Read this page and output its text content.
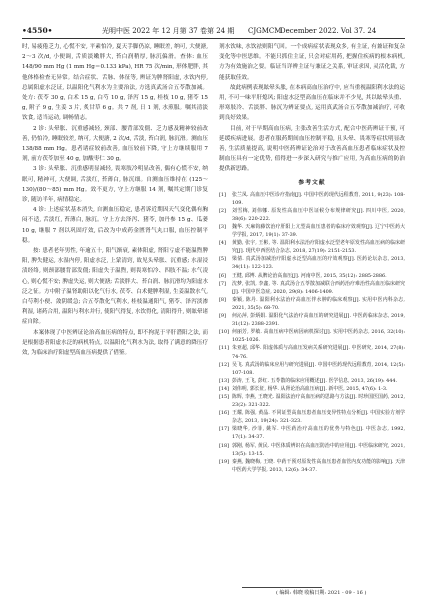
•4550•	光明中医 2022 年 12 月第 37 卷第 24 期 CJGMCM
December 2022. Vol 37. 24

时, 易疲倦乏力, 心慌不安, 平素怕冷, 夏天手脚仍凉, 睡眠差, 纳可, 大便溏, 2～3 次/d, 小便调, 舌质淡嫩胖大, 苔白润稍厚, 脉沉偏滑。查体: 血压 148/90 mm Hg (1 mm Hg＝0.133 kPa), HR 75 次/min, 形体肥胖, 其他体格检查无异常。结合症状、舌脉、体征等, 辨证为脾肾阳虚, 水饮内停, 总属阳虚水泛证, 以温阳化气利水为主要治法, 方选真武汤合五苓散加减。处方: 茯苓 30 g, 白术 15 g, 白芍 10 g, 泽泻 15 g, 桂枝 10 g, 猪苓 15 g, 附子 9 g, 生姜 3 片, 炙甘草 6 g。共 7 剂, 日 1 剂, 水煎服。嘱其清淡饮食, 适当运动, 调畅情志。

2 诊: 头晕胀、沉重感减轻, 颈部、腰背部发僵、乏力感及精神较前改善, 仍怕冷, 睡眠较差, 纳可, 大便溏, 2 次/d, 舌淡, 苔白润, 脉沉滑。测血压 138/88 mm Hg。患者诸症较前改善, 血压较前下降, 守上方继续服用 7 剂, 前方茯苓加至 40 g, 加酸枣仁 30 g。

3 诊: 头晕胀、沉重感明显减轻, 畏寒肢冷明显改善, 偶有心慌不安, 纳眠可, 精神可, 大便调, 舌淡红, 苔薄白, 脉沉细。自测血压维持在 (125～130)/(80～85) mm Hg。效不更方, 守上方继服 14 剂, 嘱其定期门诊复诊, 随访半年, 病情稳定。

4 诊: 上述症状基本消失, 自测血压稳定, 患者诉近期因天气变化偶有胸闷不适, 舌淡红, 苔薄白, 脉沉。守上方去泽泻、猪苓, 加丹参 15 g、瓜蒌 10 g, 继服 7 剂以巩固疗效, 后改为中成药金匮肾气丸口服, 血压控制平稳。

按: 患者老年男性, 年逾五十, 阳气渐衰, 素体阳虚, 肾阳亏虚不能温煦脾阳, 脾失健运, 水湿内停, 阳虚水泛, 上蒙清窍, 故见头晕胀、沉重感; 水湿浸渍经络, 则颈部腰背部发僵; 阳虚失于温煦, 则畏寒怕冷、四肢不温; 水气凌心, 则心慌不安; 脾虚失运, 则大便溏; 舌淡胖大、苔白润、脉沉滑均为阳虚水泛之征。方中附子温肾助阳以化气行水, 茯苓、白术健脾利湿, 生姜温散水气, 白芍利小便、敛阴缓急; 合五苓散化气利水, 桂枝温通阳气, 猪苓、泽泻淡渗利湿, 诸药合用, 温阳与利水并行, 使阳气得复, 水饮得化, 清阳得升, 则眩晕诸症自除。

本案体现了中医辨证论治高血压病的特点, 即不拘泥于平肝潜阳之法, 而是根据患者阳虚水泛的病机特点, 以温阳化气利水为法, 取得了满意的降压疗效, 为临床治疗阳虚型高血压病提供了借鉴。

剂水饮味, 水饮祛则阳气回。一个成病症状表现众多, 有主证, 有兼证和复杂变化等中医思维。不能只抓住主证, 只会对症用药, 把握住疾病的根本病机, 方为有效施治之要。临证当详辨主证与兼证之关系, 审证求因, 灵活化裁, 方能获取佳效。

故此病例表现眩晕头胀, 在本病高血压治疗中, 应当重视温阳利水法的运用, 不可一味平肝熄风; 阳虚水泛型高血压在临床并不少见, 其以眩晕头重、形寒肢冷、舌淡胖、脉沉为辨证要点, 运用真武汤合五苓散加减治疗, 可收到良好效果。

目前, 对于早期高血压病, 主张改善生活方式, 配合中医药辨证干预, 可延缓疾病进展。患者在服药期间血压控制平稳, 且头晕、畏寒等症状明显改善, 生活质量提高, 说明中医药辨证论治对于改善高血压患者临床症状及控制血压具有一定优势, 值得进一步深入研究与推广应用, 为高血压病的防治提供新思路。

参考文献
[1]	张兰凤. 高血压中医诊疗指南[J]. 中国中医药现代远程教育, 2011, 9(23): 108-109.
[2]	刘雪梅, 刘伟娜. 原发性高血压中医证候分布规律研究[J]. 四川中医, 2020, 38(6): 220-222.
[3]	魏华. 天麻钩藤饮治疗肝阳上亢型高血压患者的临床疗效观察[J]. 辽宁中医药大学学报, 2017, 19(1): 37-39.
[4]	黄勤, 张宇, 王彬, 等. 温阳利水法治疗阳虚水泛型老年原发性高血压病的临床研究[J]. 现代中西医结合杂志, 2018, 27(19): 2151-2153.
[5]	梁倩. 真武汤加减治疗阳虚水泛型高血压的疗效观察[J]. 医药论坛杂志, 2013, 34(11): 122-123.
[6]	王健, 邱博. 从脾论治高血压[J]. 河南中医, 2015, 35(12): 2885-2886.
[7]	沈梦, 张凯, 李鑫, 等. 真武汤合五苓散加减联合西药治疗难治性高血压临床研究[J]. 中国中医急症, 2020, 29(8): 1406-1409.
[8]	秦颖, 陈丹. 温阳利水法治疗高血压伴水肿的临床观察[J]. 实用中医内科杂志, 2021, 35(5): 68-70.
[9]	何沁萍, 彭炳娟. 温阳化气法治疗高血压的研究进展[J]. 中医药临床杂志, 2019, 31(12): 2388-2391.
[10] 何丽芳, 罗敏. 高血压病中医病因病机探讨[J]. 实用中医药杂志, 2016, 32(10): 1025-1026.
[11] 朱亚超, 邱华. 阳虚体质与高血压发病关系研究进展[J]. 中医研究, 2014, 27(8): 74-76.
[12] 吴飞. 真武汤的临床应用与研究进展[J]. 中国中医药现代远程教育, 2014, 12(5): 107-108.
[13] 彭涛, 王飞, 彭红. 五苓散的临床应用概述[J]. 医学信息, 2013, 26(19): 444.
[14] 刘伟明, 郭长征, 杨华. 从肾论治高血压病[J]. 新中医, 2015, 47(6): 1-3.
[15] 陈辉, 李燕, 王晓光. 温阳法治疗高血压病的思路与方法[J]. 时珍国医国药, 2012, 23(2): 321-322.
[16] 王耀, 陈强, 黄晶. 不同证型高血压患者血压变异性特点分析[J]. 中国实验方剂学杂志, 2013, 19(24): 321-323.
[17] 梁晓华, 沙菲, 姚军. 中医药治疗高血压的优势与特色[J]. 中医杂志, 1992, 17(1): 34-37.
[18] 郭刚, 杨军, 黄民. 中医体质辨识在高血压防治中的应用[J]. 中医临床研究, 2021, 13(5): 13-15.
[19] 秦燕, 魏晓梅, 王晓. 中药干预对原发性高血压患者血管内皮功能的影响[J]. 天津中医药大学学报, 2013, 12(6): 34-37.
( 编辑: 韩晓 收稿日期: 2021 - 09 - 16 )
